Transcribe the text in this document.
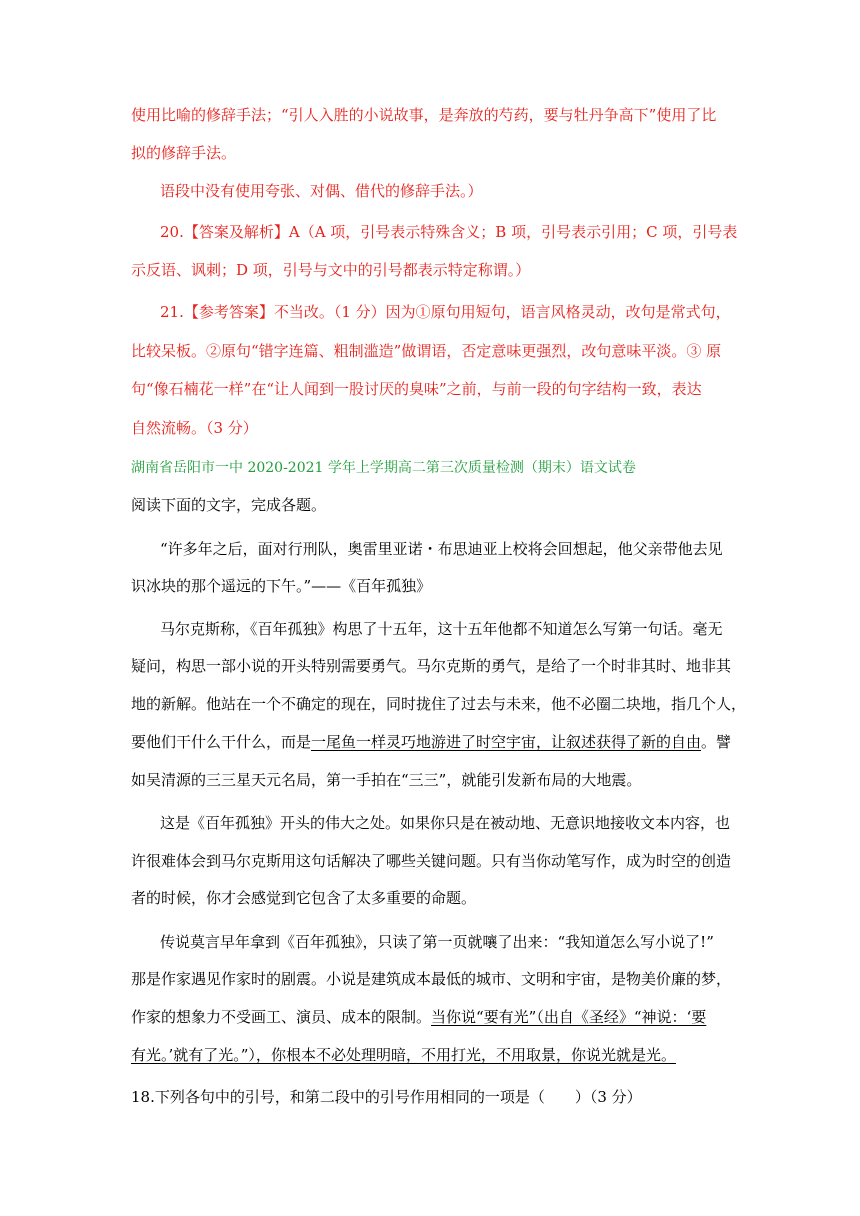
使用比喻的修辞手法；“引人入胜的小说故事，是奔放的芍药，要与牡丹争高下”使用了比
拟的修辞手法。
语段中没有使用夸张、对偶、借代的修辞手法。）
20.【答案及解析】A（A 项，引号表示特殊含义；B 项，引号表示引用；C 项，引号表
示反语、讽刺；D 项，引号与文中的引号都表示特定称谓。）
21.【参考答案】不当改。（1 分）因为①原句用短句，语言风格灵动，改句是常式句，
比较呆板。②原句“错字连篇、粗制滥造”做谓语，否定意味更强烈，改句意味平淡。③ 原
句“像石楠花一样”在“让人闻到一股讨厌的臭味”之前，与前一段的句字结构一致，表达
自然流畅。（3 分）
湖南省岳阳市一中 2020-2021 学年上学期高二第三次质量检测（期末）语文试卷
阅读下面的文字，完成各题。
“许多年之后，面对行刑队，奥雷里亚诺・布思迪亚上校将会回想起，他父亲带他去见
识冰块的那个遥远的下午。”——《百年孤独》
马尔克斯称，《百年孤独》构思了十五年，这十五年他都不知道怎么写第一句话。毫无
疑问，构思一部小说的开头特别需要勇气。马尔克斯的勇气，是给了一个时非其时、地非其
地的新解。他站在一个不确定的现在，同时拢住了过去与未来，他不必圈二块地，指几个人，
要他们干什么干什么，而是一尾鱼一样灵巧地游进了时空宇宙，让叙述获得了新的自由。譬
如吴清源的三三星天元名局，第一手拍在“三三”，就能引发新布局的大地震。
这是《百年孤独》开头的伟大之处。如果你只是在被动地、无意识地接收文本内容，也
许很难体会到马尔克斯用这句话解决了哪些关键问题。只有当你动笔写作，成为时空的创造
者的时候，你才会感觉到它包含了太多重要的命题。
传说莫言早年拿到《百年孤独》，只读了第一页就嚷了出来：“我知道怎么写小说了!”
那是作家遇见作家时的剧震。小说是建筑成本最低的城市、文明和宇宙，是物美价廉的梦，
作家的想象力不受画工、演员、成本的限制。当你说“要有光”（出自《圣经》“神说：‘要
有光。’就有了光。”），你根本不必处理明暗，不用打光，不用取景，你说光就是光。
18.下列各句中的引号，和第二段中的引号作用相同的一项是（　　）（3 分）
